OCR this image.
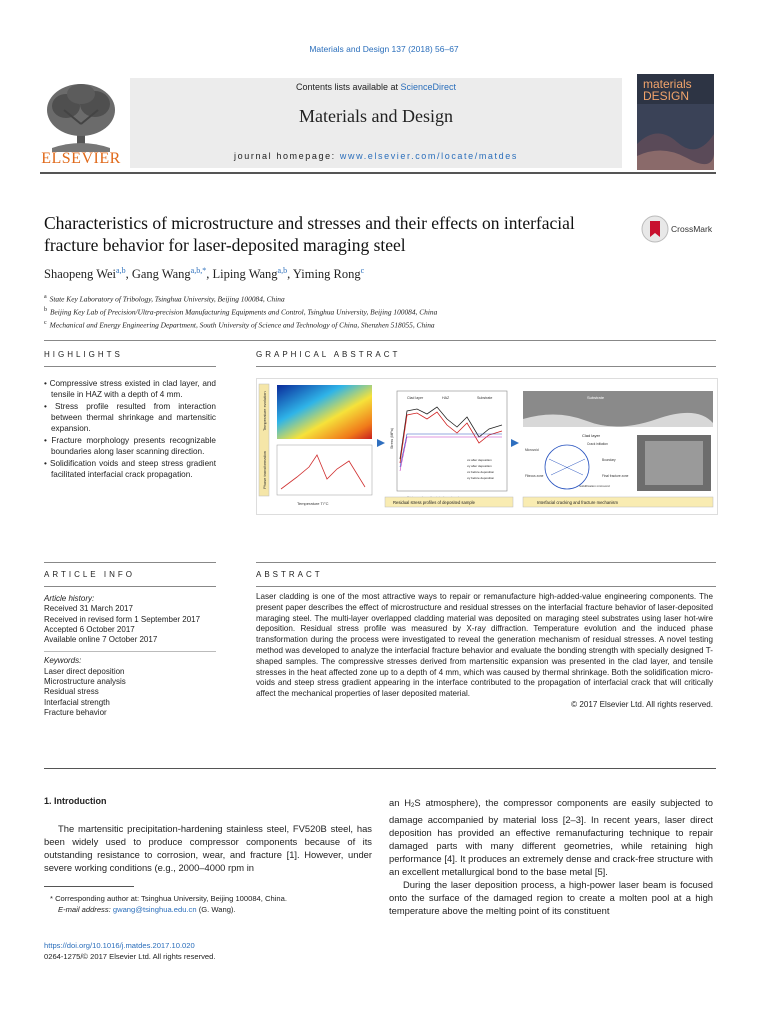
Materials and Design 137 (2018) 56–67
ELSEVIER
Contents lists available at ScienceDirect
Materials and Design
journal homepage: www.elsevier.com/locate/matdes
materials DESIGN
Characteristics of microstructure and stresses and their effects on interfacial fracture behavior for laser-deposited maraging steel
CrossMark
Shaopeng Wei$^{a,b}$, Gang Wang$^{a,b,*}$, Liping Wang$^{a,b}$, Yiming Rong$^c$
$^a$ State Key Laboratory of Tribology, Tsinghua University, Beijing 100084, China
$^b$ Beijing Key Lab of Precision/Ultra-precision Manufacturing Equipments and Control, Tsinghua University, Beijing 100084, China
$^c$ Mechanical and Energy Engineering Department, South University of Science and Technology of China, Shenzhen 518055, China
HIGHLIGHTS
• Compressive stress existed in clad layer, and tensile in HAZ with a depth of 4 mm.
• Stress profile resulted from interaction between thermal shrinkage and martensitic expansion.
• Fracture morphology presents recognizable boundaries along laser scanning direction.
• Solidification voids and steep stress gradient facilitated interfacial crack propagation.
GRAPHICAL ABSTRACT
Temperature evolution
Phase transformation
Temperature T/°C
Clad layer	HAZ	Substrate
Stress (MPa)
σx after deposition
σy after deposition
σx before deposition
σy before deposition
Residual stress profiles of deposited sample
Substrate
Clad layer
Crack initiation
Boundary
Microvoid
Final fracture zone
Fibrous zone
Solidification microvoid
Interfacial cracking and fracture mechanism
ARTICLE INFO
Article history:
Received 31 March 2017
Received in revised form 1 September 2017
Accepted 6 October 2017
Available online 7 October 2017
Keywords:
Laser direct deposition
Microstructure analysis
Residual stress
Interfacial strength
Fracture behavior
ABSTRACT
Laser cladding is one of the most attractive ways to repair or remanufacture high-added-value engineering components. The present paper describes the effect of microstructure and residual stresses on the interfacial fracture behavior of laser-deposited maraging steel. The multi-layer overlapped cladding material was deposited on maraging steel substrates using laser hot-wire deposition. Residual stress profile was measured by X-ray diffraction. Temperature evolution and the induced phase transformation during the process were investigated to reveal the generation mechanism of residual stresses. A novel testing method was developed to analyze the interfacial fracture behavior and evaluate the bonding strength with specially designed T-shaped samples. The compressive stresses derived from martensitic expansion was presented in the clad layer, and tensile stresses in the heat affected zone up to a depth of 4 mm, which was caused by thermal shrinkage. Both the solidification micro-voids and steep stress gradient appearing in the interface contributed to the propagation of interfacial crack that will critically affect the mechanical properties of laser deposited material.
© 2017 Elsevier Ltd. All rights reserved.
1. Introduction

The martensitic precipitation-hardening stainless steel, FV520B steel, has been widely used to produce compressor components because of its outstanding resistance to corrosion, wear, and fracture [1]. However, under severe working conditions (e.g., 2000–4000 rpm in

an H2S atmosphere), the compressor components are easily subjected to damage accompanied by material loss [2–3]. In recent years, laser direct deposition has provided an effective remanufacturing technique to repair damaged parts with many different geometries, while retaining high performance [4]. It produces an extremely dense and crack-free structure with an excellent metallurgical bond to the base metal [5].

During the laser deposition process, a high-power laser beam is focused onto the surface of the damaged region to create a molten pool at a high temperature above the melting point of its constituent

* Corresponding author at: Tsinghua University, Beijing 100084, China.
E-mail address: gwang@tsinghua.edu.cn (G. Wang).
https://doi.org/10.1016/j.matdes.2017.10.020
0264-1275/© 2017 Elsevier Ltd. All rights reserved.
